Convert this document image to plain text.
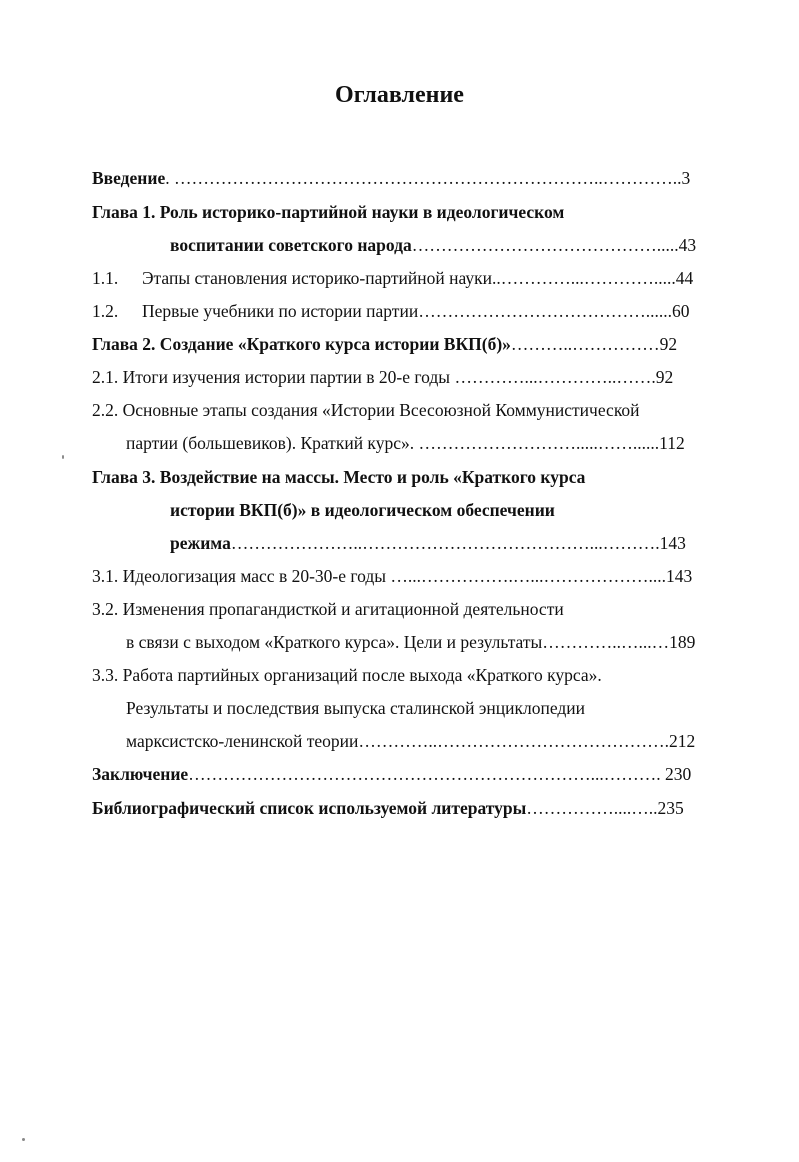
Оглавление
Введение. ………………………………………………………………..…………..3
Глава 1. Роль историко-партийной науки в идеологическом
воспитании советского народа…………………………………….....43
1.1. Этапы становления историко-партийной науки..…………...………….....44
1.2. Первые учебники по истории партии…………………………………......60
Глава 2. Создание «Краткого курса истории ВКП(б)»………..……………92
2.1. Итоги изучения истории партии в 20-е годы …………...…………..…….92
2.2. Основные этапы создания «Истории Всесоюзной Коммунистической
партии (большевиков). Краткий курс». ……………………….....……......112
Глава 3. Воздействие на массы. Место и роль «Краткого курса
истории ВКП(б)» в идеологическом обеспечении
режима…………………..…………………………………...……….143
3.1. Идеологизация масс в 20-30-е годы …...…………….…...………………....143
3.2. Изменения пропагандисткой и агитационной деятельности
в связи с выходом «Краткого курса». Цели и результаты…………..…...…189
3.3. Работа партийных организаций после выхода «Краткого курса».
Результаты и последствия выпуска сталинской энциклопедии
марксистско-ленинской теории…………..………………………………….212
Заключение……………………………………………………………...………. 230
Библиографический список используемой литературы……………....…..235
